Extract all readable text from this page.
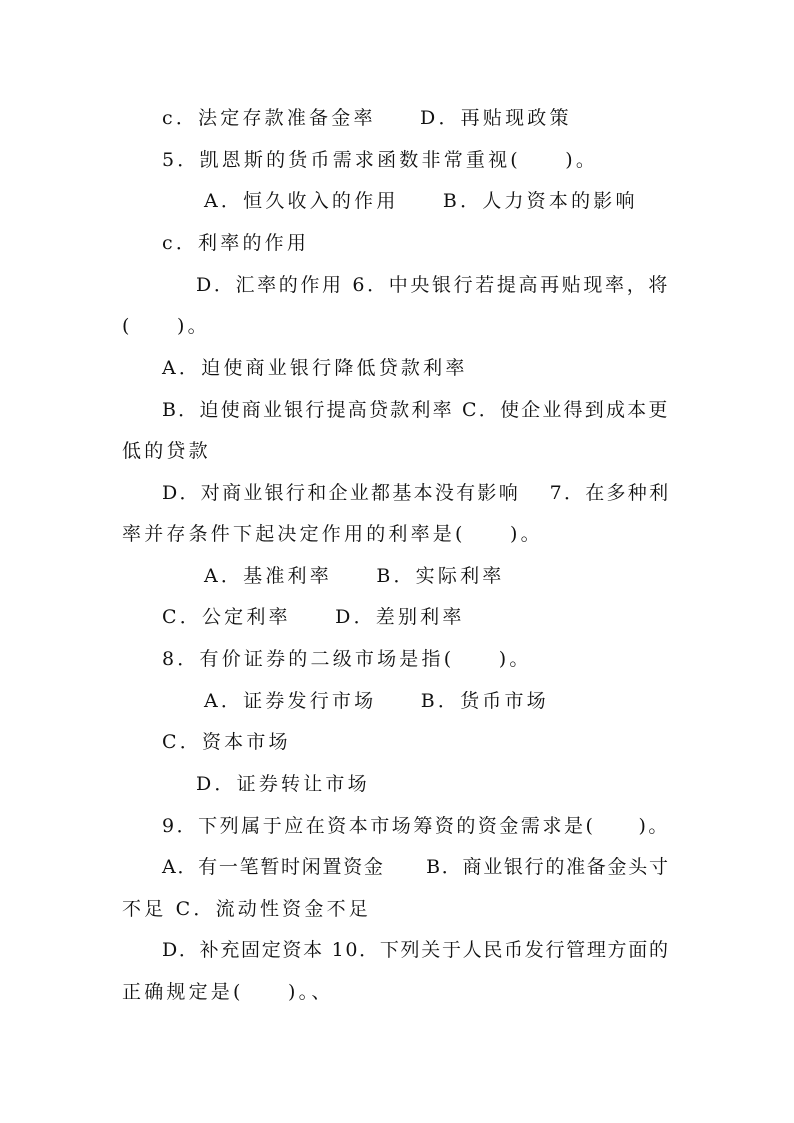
c．法定存款准备金率　　D．再贴现政策
5．凯恩斯的货币需求函数非常重视(　　)。
A．恒久收入的作用　　B．人力资本的影响
c．利率的作用
D．汇率的作用 6．中央银行若提高再贴现率，将
(　　)。
A．迫使商业银行降低贷款利率
B．迫使商业银行提高贷款利率 C．使企业得到成本更
低的贷款
D．对商业银行和企业都基本没有影响　 7．在多种利
率并存条件下起决定作用的利率是(　　)。
A．基准利率　　B．实际利率
C．公定利率　　D．差别利率
8．有价证券的二级市场是指(　　)。
A．证券发行市场　　B．货币市场
C．资本市场
D．证券转让市场
9．下列属于应在资本市场筹资的资金需求是(　　)。
A．有一笔暂时闲置资金　　B．商业银行的准备金头寸
不足 C．流动性资金不足
D．补充固定资本 10．下列关于人民币发行管理方面的
正确规定是(　　)。、
